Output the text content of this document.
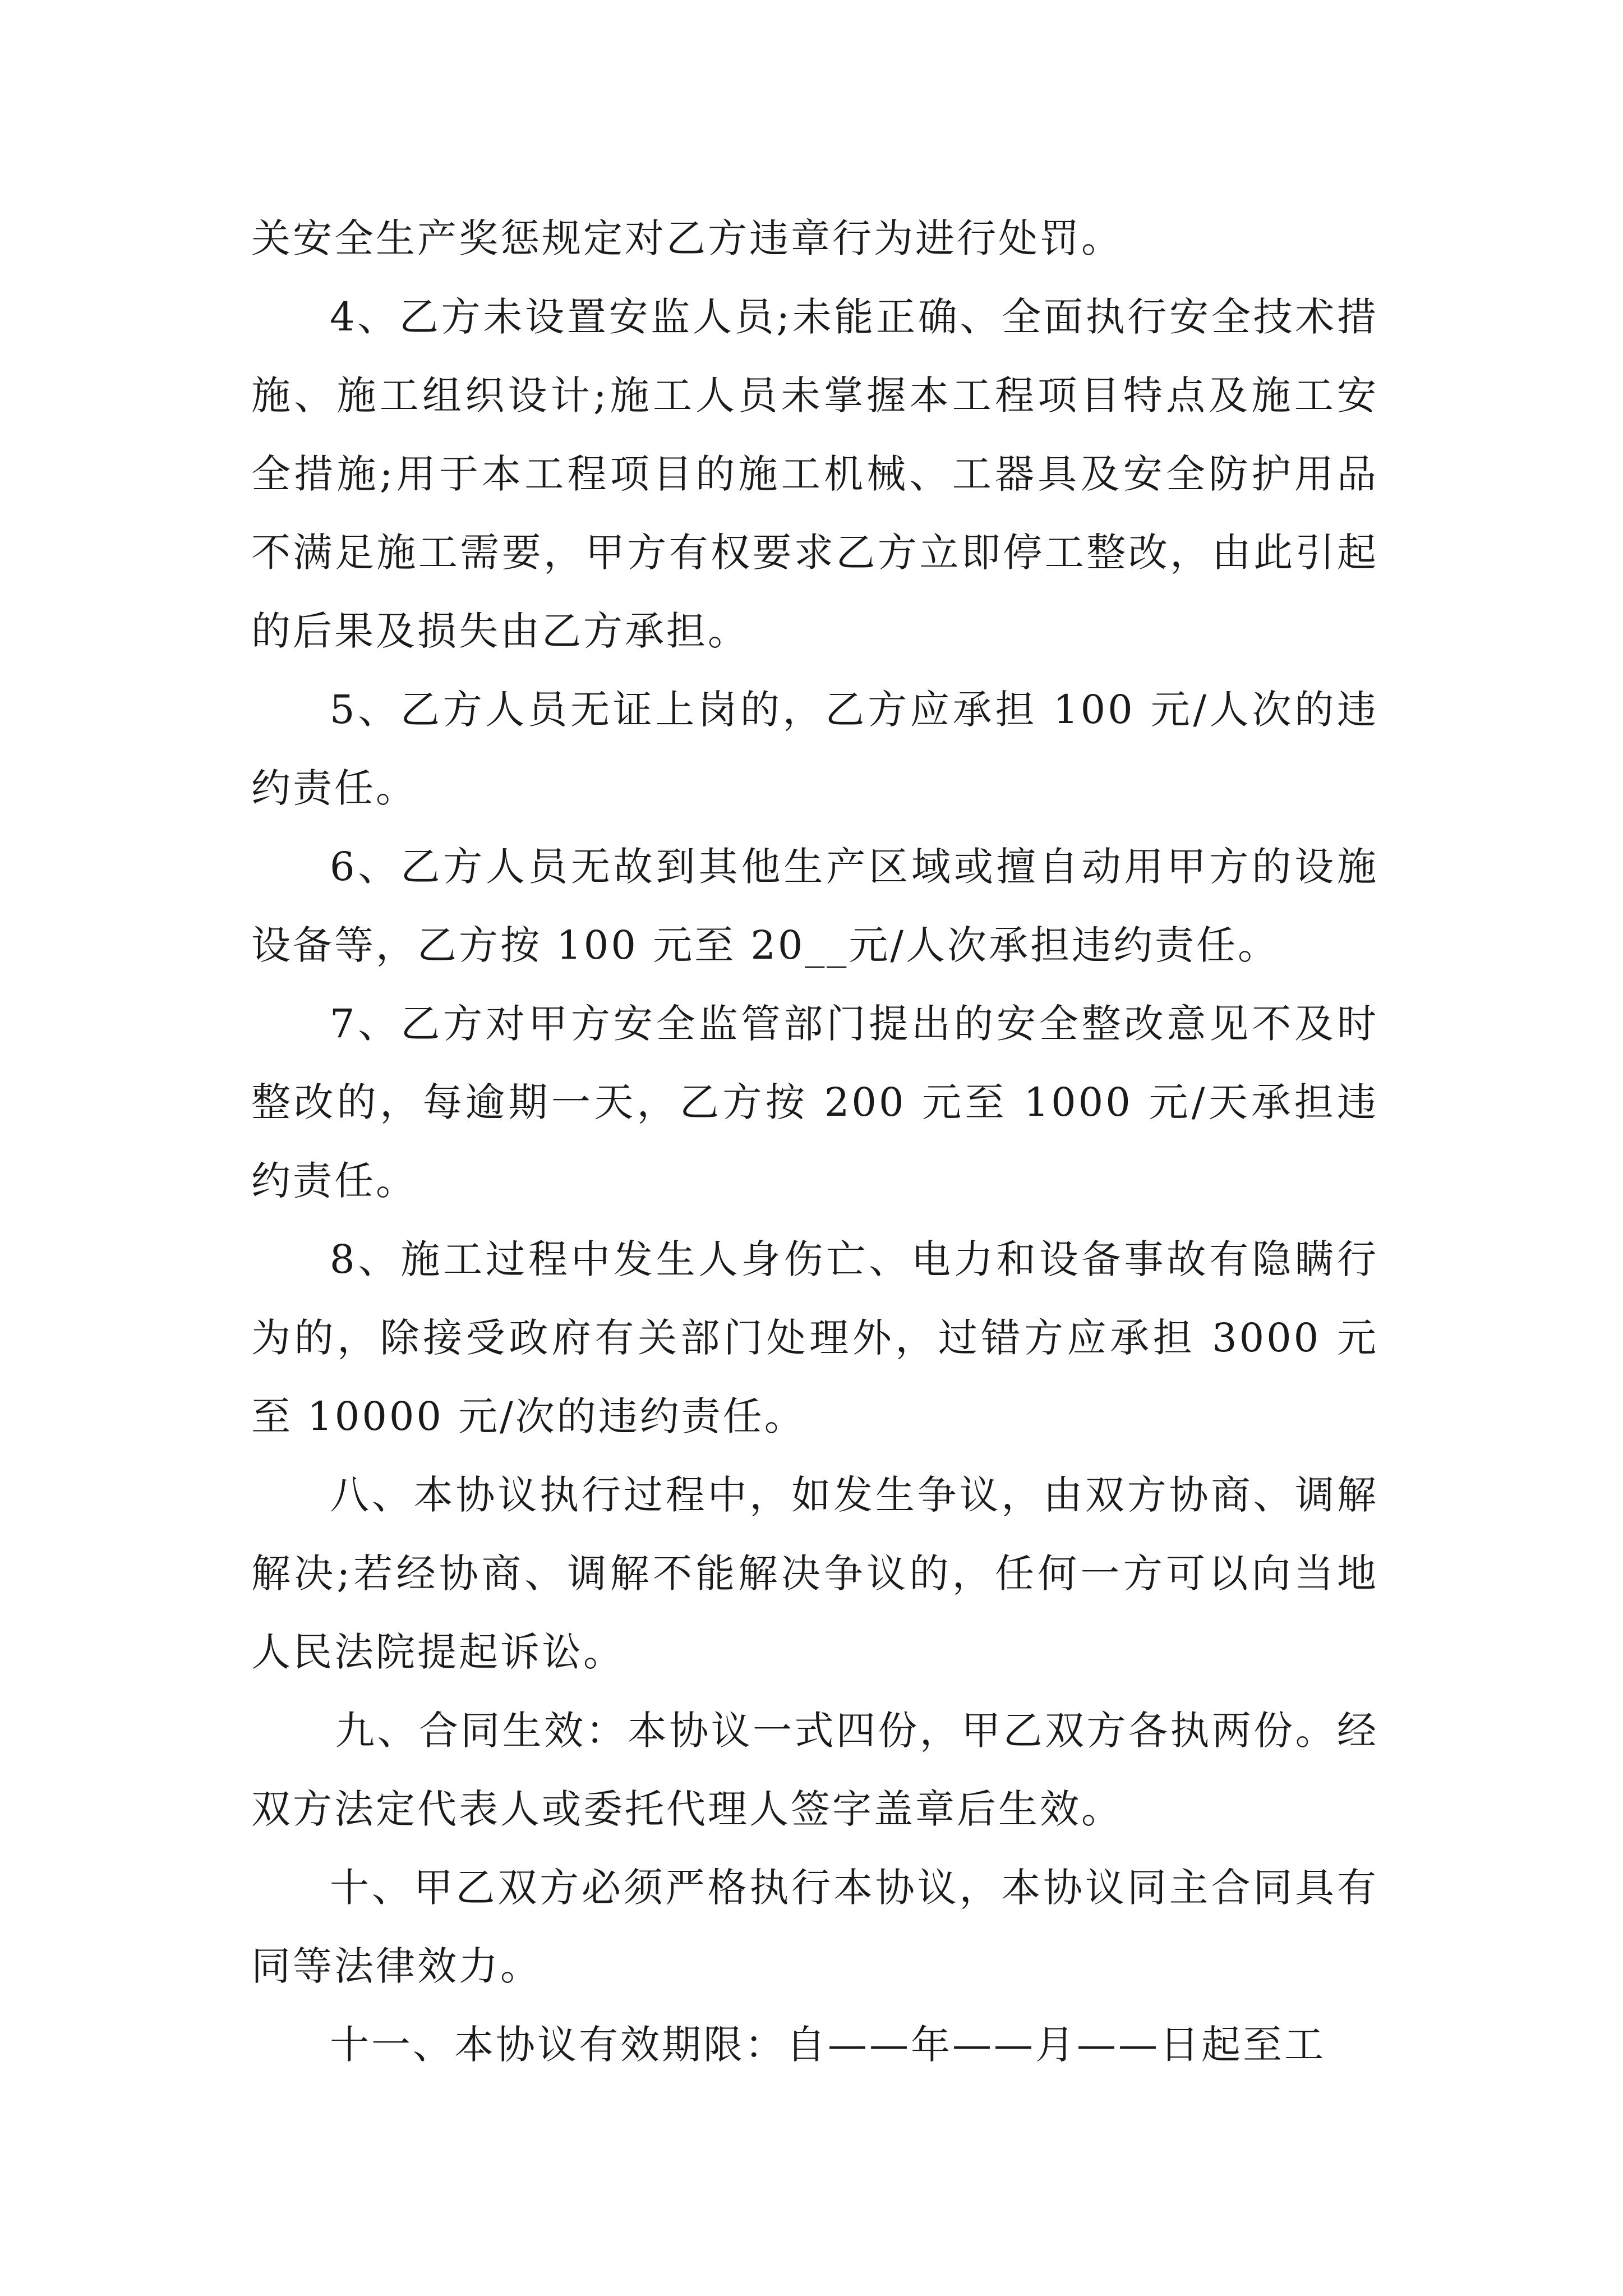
关安全生产奖惩规定对乙方违章行为进行处罚。

4、乙方未设置安监人员;未能正确、全面执行安全技术措施、施工组织设计;施工人员未掌握本工程项目特点及施工安全措施;用于本工程项目的施工机械、工器具及安全防护用品不满足施工需要，甲方有权要求乙方立即停工整改，由此引起的后果及损失由乙方承担。

5、乙方人员无证上岗的，乙方应承担 100 元/人次的违约责任。

6、乙方人员无故到其他生产区域或擅自动用甲方的设施设备等，乙方按 100 元至 20__元/人次承担违约责任。

7、乙方对甲方安全监管部门提出的安全整改意见不及时整改的，每逾期一天，乙方按 200 元至 1000 元/天承担违约责任。

8、施工过程中发生人身伤亡、电力和设备事故有隐瞒行为的，除接受政府有关部门处理外，过错方应承担 3000 元至 10000 元/次的违约责任。

八、本协议执行过程中，如发生争议，由双方协商、调解解决;若经协商、调解不能解决争议的，任何一方可以向当地人民法院提起诉讼。

九、合同生效：本协议一式四份，甲乙双方各执两份。经双方法定代表人或委托代理人签字盖章后生效。

十、甲乙双方必须严格执行本协议，本协议同主合同具有同等法律效力。

十一、本协议有效期限：自——年——月——日起至工
